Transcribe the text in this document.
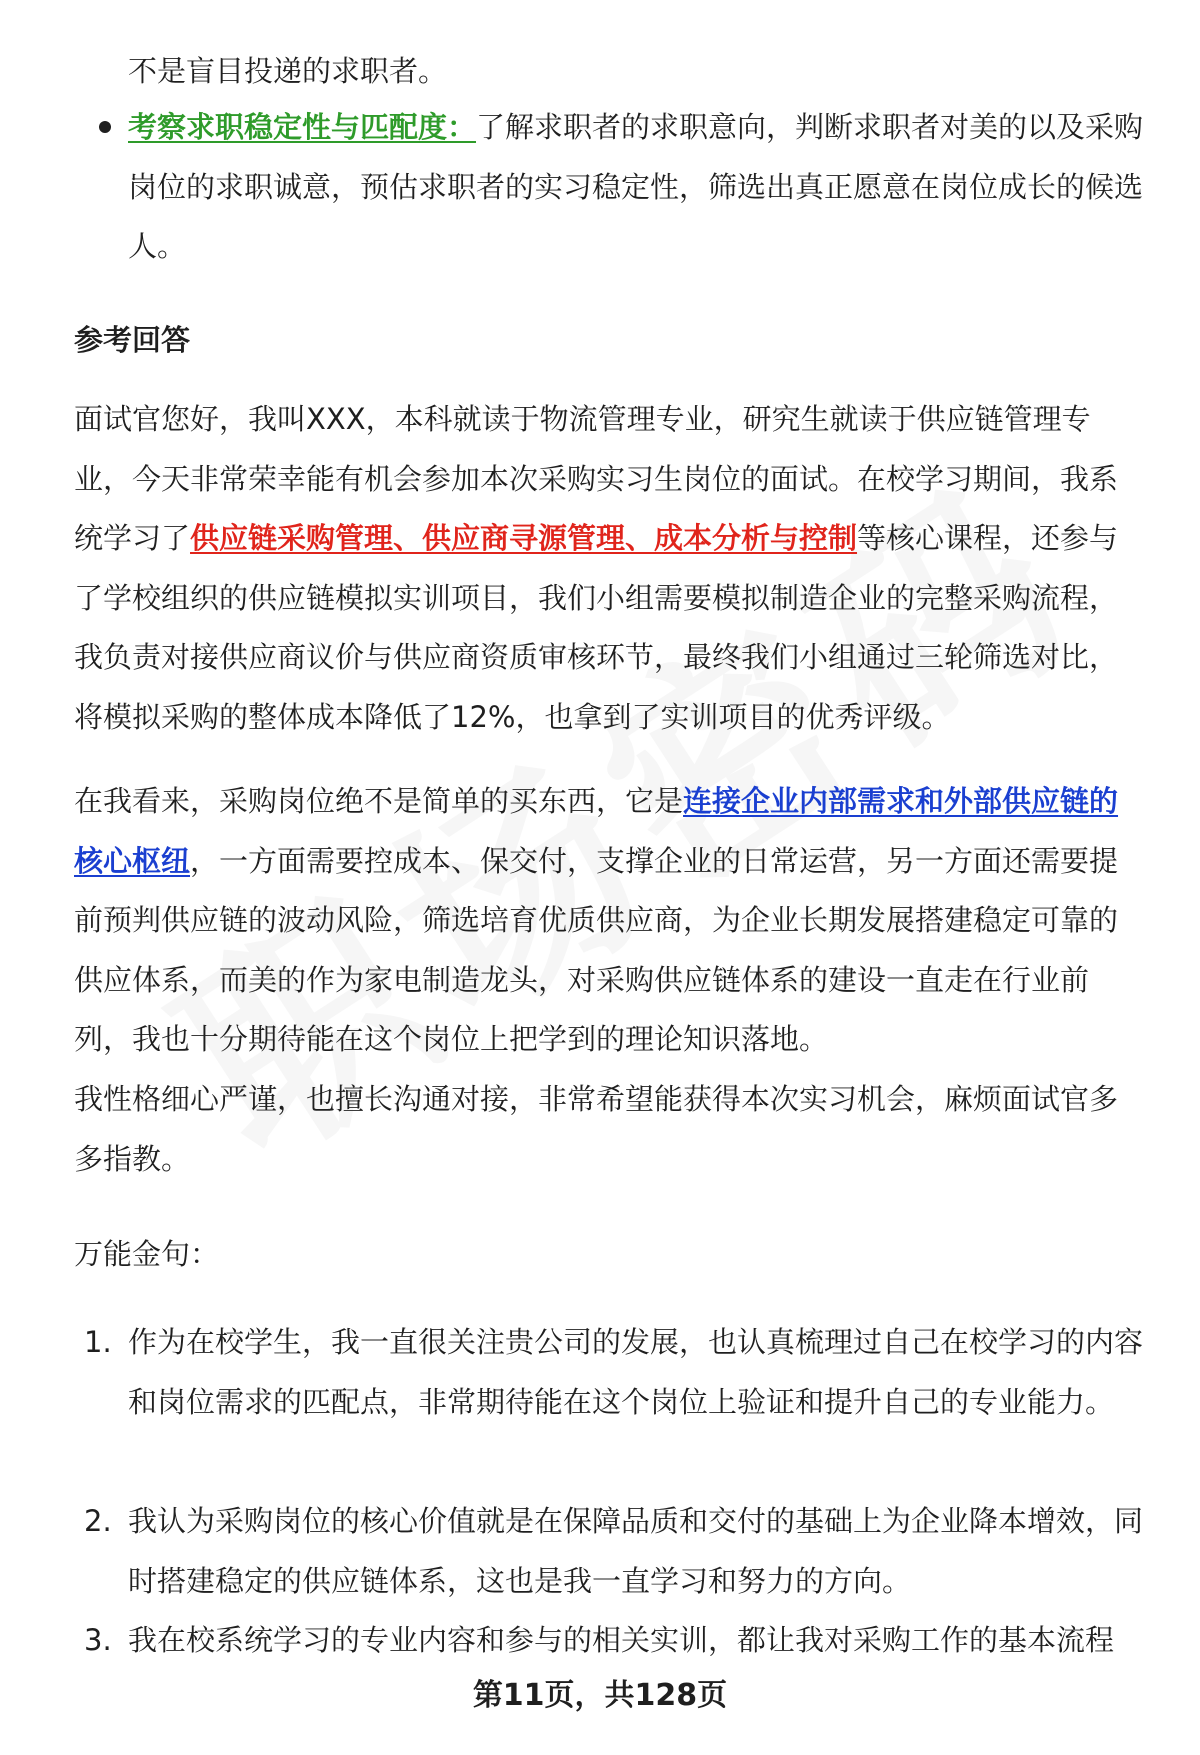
不是盲目投递的求职者。

考察求职稳定性与匹配度：了解求职者的求职意向，判断求职者对美的以及采购岗位的求职诚意，预估求职者的实习稳定性，筛选出真正愿意在岗位成长的候选人。
参考回答

面试官您好，我叫XXX，本科就读于物流管理专业，研究生就读于供应链管理专业，今天非常荣幸能有机会参加本次采购实习生岗位的面试。在校学习期间，我系统学习了供应链采购管理、供应商寻源管理、成本分析与控制等核心课程，还参与了学校组织的供应链模拟实训项目，我们小组需要模拟制造企业的完整采购流程，我负责对接供应商议价与供应商资质审核环节，最终我们小组通过三轮筛选对比，将模拟采购的整体成本降低了12%，也拿到了实训项目的优秀评级。

在我看来，采购岗位绝不是简单的买东西，它是连接企业内部需求和外部供应链的核心枢纽，一方面需要控成本、保交付，支撑企业的日常运营，另一方面还需要提前预判供应链的波动风险，筛选培育优质供应商，为企业长期发展搭建稳定可靠的供应体系，而美的作为家电制造龙头，对采购供应链体系的建设一直走在行业前列，我也十分期待能在这个岗位上把学到的理论知识落地。

我性格细心严谨，也擅长沟通对接，非常希望能获得本次实习机会，麻烦面试官多多指教。

万能金句：

1. 作为在校学生，我一直很关注贵公司的发展，也认真梳理过自己在校学习的内容和岗位需求的匹配点，非常期待能在这个岗位上验证和提升自己的专业能力。
2. 我认为采购岗位的核心价值就是在保障品质和交付的基础上为企业降本增效，同时搭建稳定的供应链体系，这也是我一直学习和努力的方向。
3. 我在校系统学习的专业内容和参与的相关实训，都让我对采购工作的基本流程
第11页，共128页
